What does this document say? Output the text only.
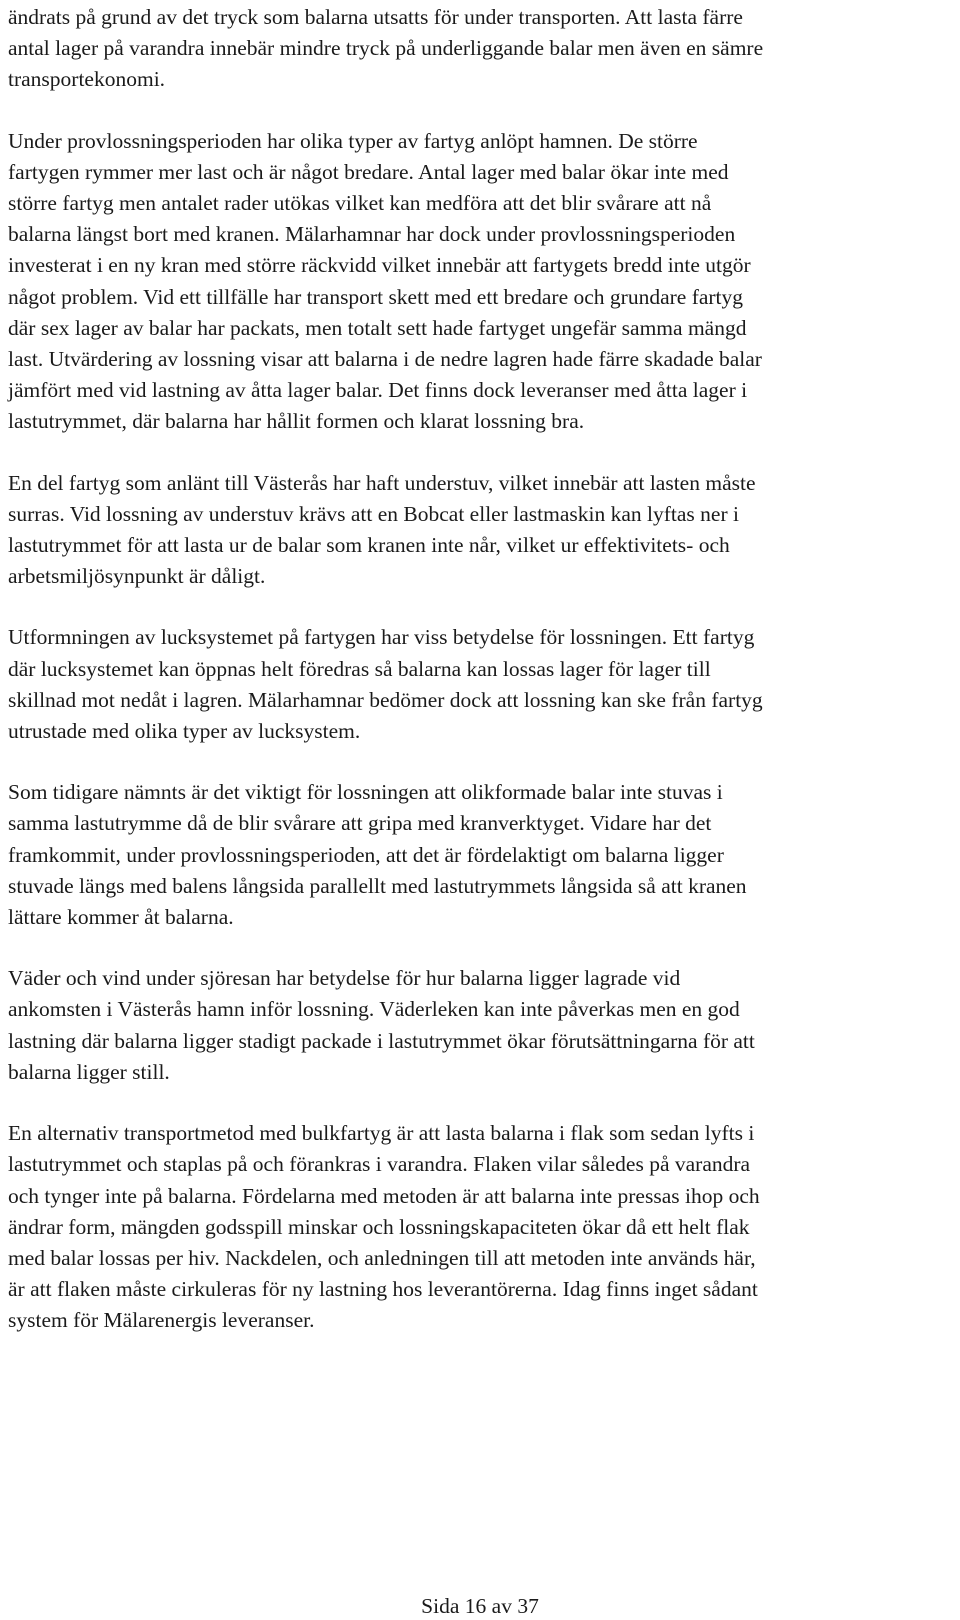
ändrats på grund av det tryck som balarna utsatts för under transporten. Att lasta färre
antal lager på varandra innebär mindre tryck på underliggande balar men även en sämre
transportekonomi.

Under provlossningsperioden har olika typer av fartyg anlöpt hamnen. De större
fartygen rymmer mer last och är något bredare. Antal lager med balar ökar inte med
större fartyg men antalet rader utökas vilket kan medföra att det blir svårare att nå
balarna längst bort med kranen. Mälarhamnar har dock under provlossningsperioden
investerat i en ny kran med större räckvidd vilket innebär att fartygets bredd inte utgör
något problem. Vid ett tillfälle har transport skett med ett bredare och grundare fartyg
där sex lager av balar har packats, men totalt sett hade fartyget ungefär samma mängd
last. Utvärdering av lossning visar att balarna i de nedre lagren hade färre skadade balar
jämfört med vid lastning av åtta lager balar. Det finns dock leveranser med åtta lager i
lastutrymmet, där balarna har hållit formen och klarat lossning bra.

En del fartyg som anlänt till Västerås har haft understuv, vilket innebär att lasten måste
surras. Vid lossning av understuv krävs att en Bobcat eller lastmaskin kan lyftas ner i
lastutrymmet för att lasta ur de balar som kranen inte når, vilket ur effektivitets- och
arbetsmiljösynpunkt är dåligt.

Utformningen av lucksystemet på fartygen har viss betydelse för lossningen. Ett fartyg
där lucksystemet kan öppnas helt föredras så balarna kan lossas lager för lager till
skillnad mot nedåt i lagren. Mälarhamnar bedömer dock att lossning kan ske från fartyg
utrustade med olika typer av lucksystem.

Som tidigare nämnts är det viktigt för lossningen att olikformade balar inte stuvas i
samma lastutrymme då de blir svårare att gripa med kranverktyget. Vidare har det
framkommit, under provlossningsperioden, att det är fördelaktigt om balarna ligger
stuvade längs med balens långsida parallellt med lastutrymmets långsida så att kranen
lättare kommer åt balarna.

Väder och vind under sjöresan har betydelse för hur balarna ligger lagrade vid
ankomsten i Västerås hamn inför lossning. Väderleken kan inte påverkas men en god
lastning där balarna ligger stadigt packade i lastutrymmet ökar förutsättningarna för att
balarna ligger still.

En alternativ transportmetod med bulkfartyg är att lasta balarna i flak som sedan lyfts i
lastutrymmet och staplas på och förankras i varandra. Flaken vilar således på varandra
och tynger inte på balarna. Fördelarna med metoden är att balarna inte pressas ihop och
ändrar form, mängden godsspill minskar och lossningskapaciteten ökar då ett helt flak
med balar lossas per hiv. Nackdelen, och anledningen till att metoden inte används här,
är att flaken måste cirkuleras för ny lastning hos leverantörerna. Idag finns inget sådant
system för Mälarenergis leveranser.

Sida 16 av 37
